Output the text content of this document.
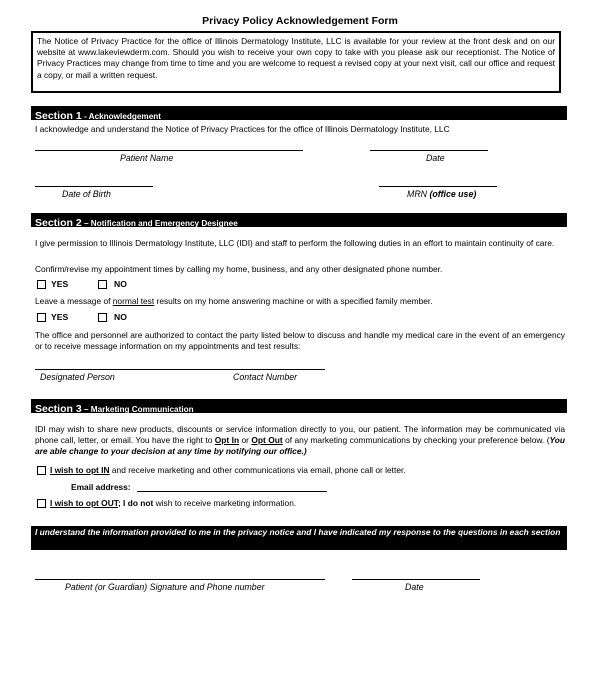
Privacy Policy Acknowledgement Form
The Notice of Privacy Practice for the office of Illinois Dermatology Institute, LLC is available for your review at the front desk and on our website at www.lakeviewderm.com. Should you wish to receive your own copy to take with you please ask our receptionist. The Notice of Privacy Practices may change from time to time and you are welcome to request a revised copy at your next visit, call our office and request a copy, or mail a written request.
Section 1 - Acknowledgement
I acknowledge and understand the Notice of Privacy Practices for the office of Illinois Dermatology Institute, LLC
Patient Name	Date
Date of Birth	MRN (office use)
Section 2 – Notification and Emergency Designee
I give permission to Illinois Dermatology Institute, LLC (IDI) and staff to perform the following duties in an effort to maintain continuity of care.
Confirm/revise my appointment times by calling my home, business, and any other designated phone number.
YES	NO
Leave a message of normal test results on my home answering machine or with a specified family member.
YES	NO
The office and personnel are authorized to contact the party listed below to discuss and handle my medical care in the event of an emergency or to receive message information on my appointments and test results:
Designated Person	Contact Number
Section 3 – Marketing Communication
IDI may wish to share new products, discounts or service information directly to you, our patient. The information may be communicated via phone call, letter, or email. You have the right to Opt In or Opt Out of any marketing communications by checking your preference below. (You are able change to your decision at any time by notifying our office.)
I wish to opt IN and receive marketing and other communications via email, phone call or letter.
Email address:
I wish to opt OUT; I do not wish to receive marketing information.
I understand the information provided to me in the privacy notice and I have indicated my response to the questions in each section
Patient (or Guardian) Signature and Phone number	Date
